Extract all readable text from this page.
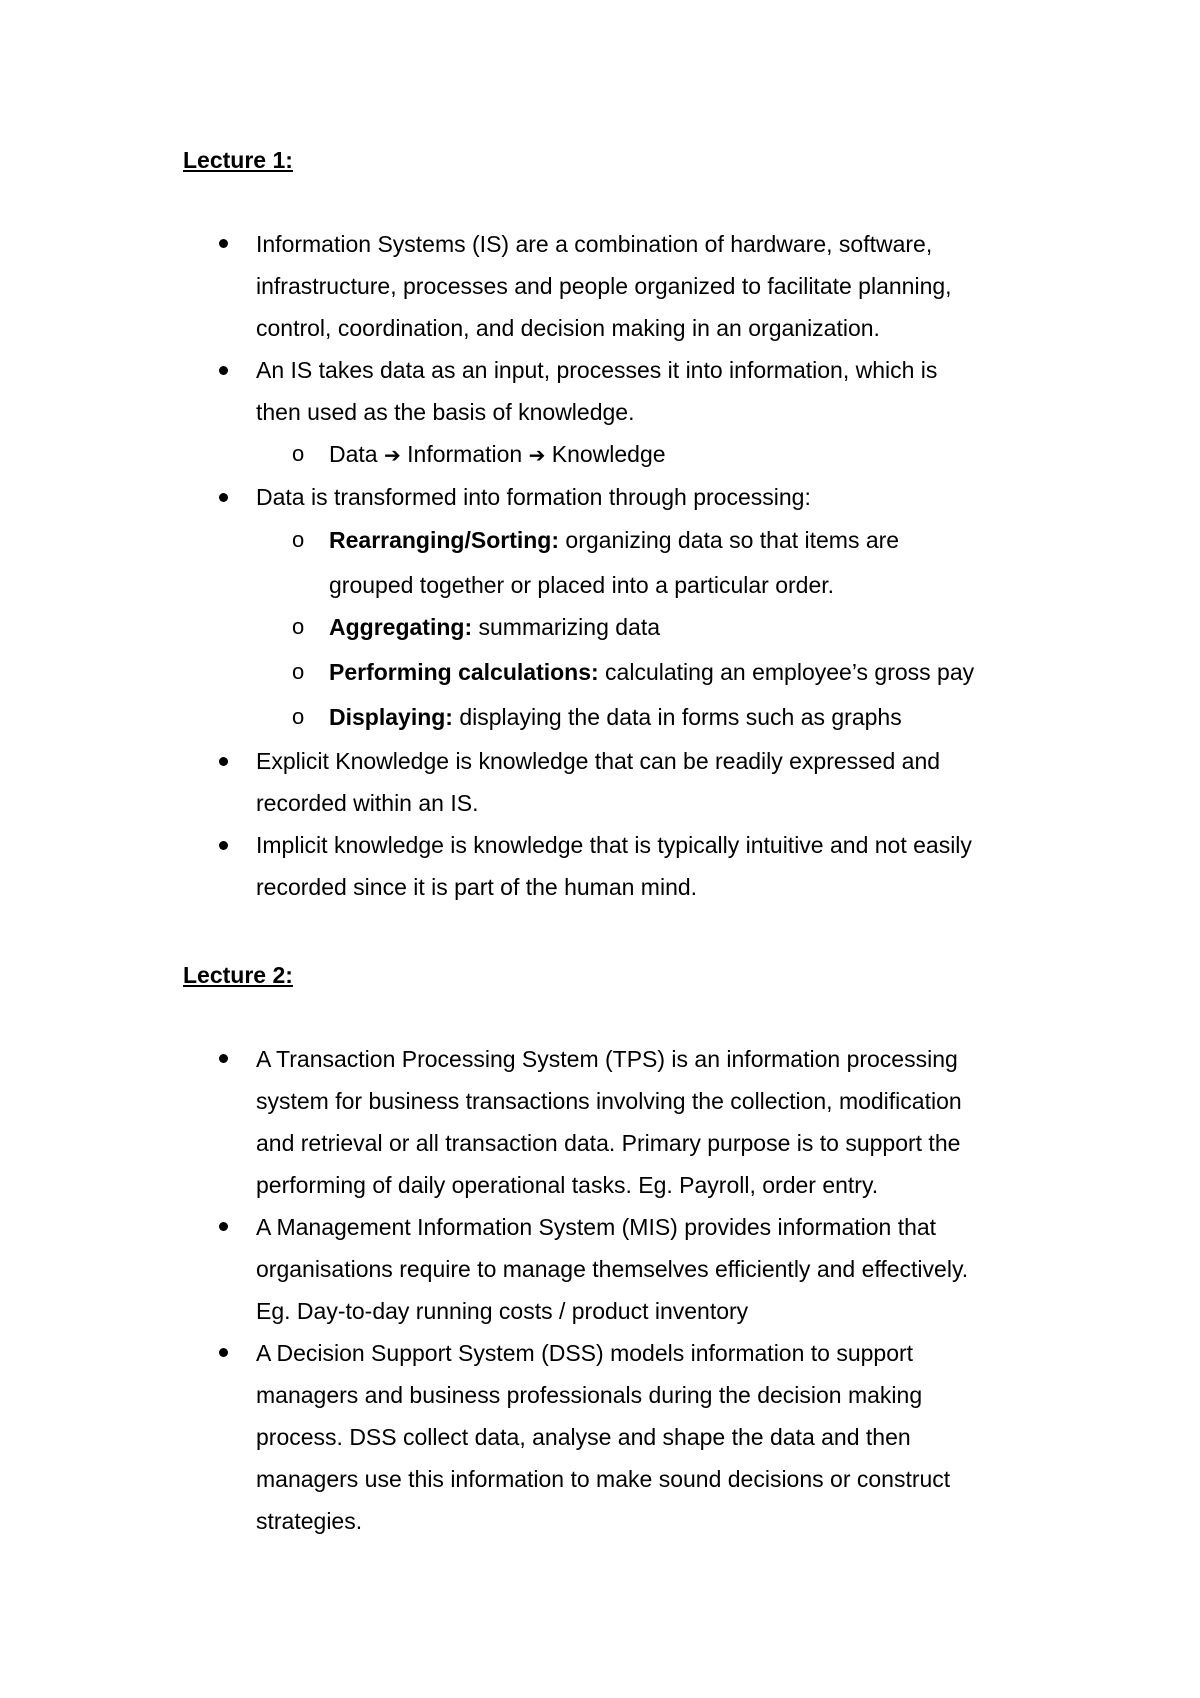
Lecture 1:
Information Systems (IS) are a combination of hardware, software,
infrastructure, processes and people organized to facilitate planning,
control, coordination, and decision making in an organization.
An IS takes data as an input, processes it into information, which is
then used as the basis of knowledge.
o Data ➔ Information ➔ Knowledge
Data is transformed into formation through processing:
o Rearranging/Sorting: organizing data so that items are
grouped together or placed into a particular order.
o Aggregating: summarizing data
o Performing calculations: calculating an employee’s gross pay
o Displaying: displaying the data in forms such as graphs
Explicit Knowledge is knowledge that can be readily expressed and
recorded within an IS.
Implicit knowledge is knowledge that is typically intuitive and not easily
recorded since it is part of the human mind.
Lecture 2:
A Transaction Processing System (TPS) is an information processing
system for business transactions involving the collection, modification
and retrieval or all transaction data. Primary purpose is to support the
performing of daily operational tasks. Eg. Payroll, order entry.
A Management Information System (MIS) provides information that
organisations require to manage themselves efficiently and effectively.
Eg. Day-to-day running costs / product inventory
A Decision Support System (DSS) models information to support
managers and business professionals during the decision making
process. DSS collect data, analyse and shape the data and then
managers use this information to make sound decisions or construct
strategies.
